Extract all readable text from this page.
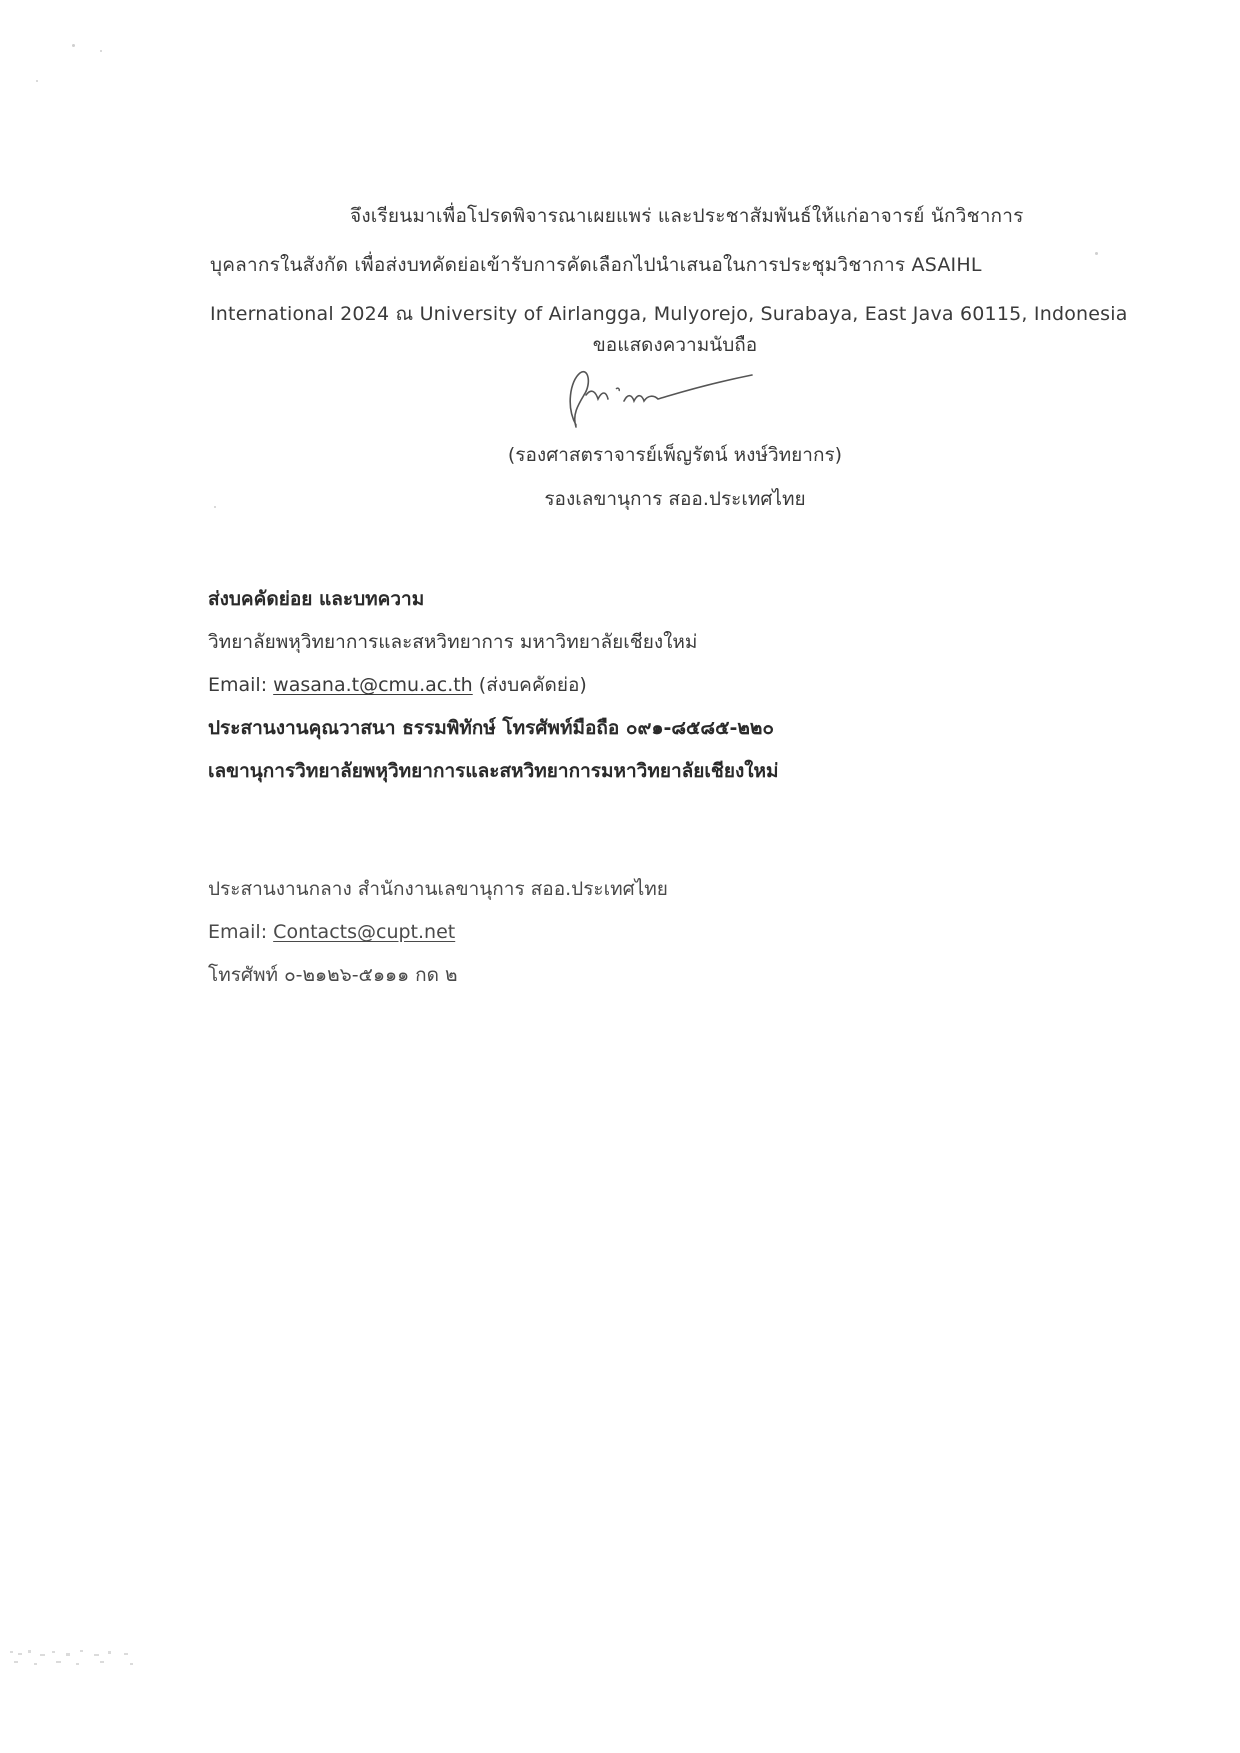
จึงเรียนมาเพื่อโปรดพิจารณาเผยแพร่ และประชาสัมพันธ์ให้แก่อาจารย์ นักวิชาการ
บุคลากรในสังกัด เพื่อส่งบทคัดย่อเข้ารับการคัดเลือกไปนำเสนอในการประชุมวิชาการ ASAIHL
International 2024 ณ University of Airlangga, Mulyorejo, Surabaya, East Java 60115, Indonesia
ขอแสดงความนับถือ
(รองศาสตราจารย์เพ็ญรัตน์ หงษ์วิทยากร)
รองเลขานุการ สออ.ประเทศไทย
ส่งบคคัดย่อย และบทความ
วิทยาลัยพหุวิทยาการและสหวิทยาการ มหาวิทยาลัยเชียงใหม่
Email: wasana.t@cmu.ac.th (ส่งบคคัดย่อ)
ประสานงานคุณวาสนา ธรรมพิทักษ์ โทรศัพท์มือถือ ๐๙๑-๘๕๘๕-๒๒๐
เลขานุการวิทยาลัยพหุวิทยาการและสหวิทยาการมหาวิทยาลัยเชียงใหม่
ประสานงานกลาง สำนักงานเลขานุการ สออ.ประเทศไทย
Email: Contacts@cupt.net
โทรศัพท์ ๐-๒๑๒๖-๕๑๑๑ กด ๒
